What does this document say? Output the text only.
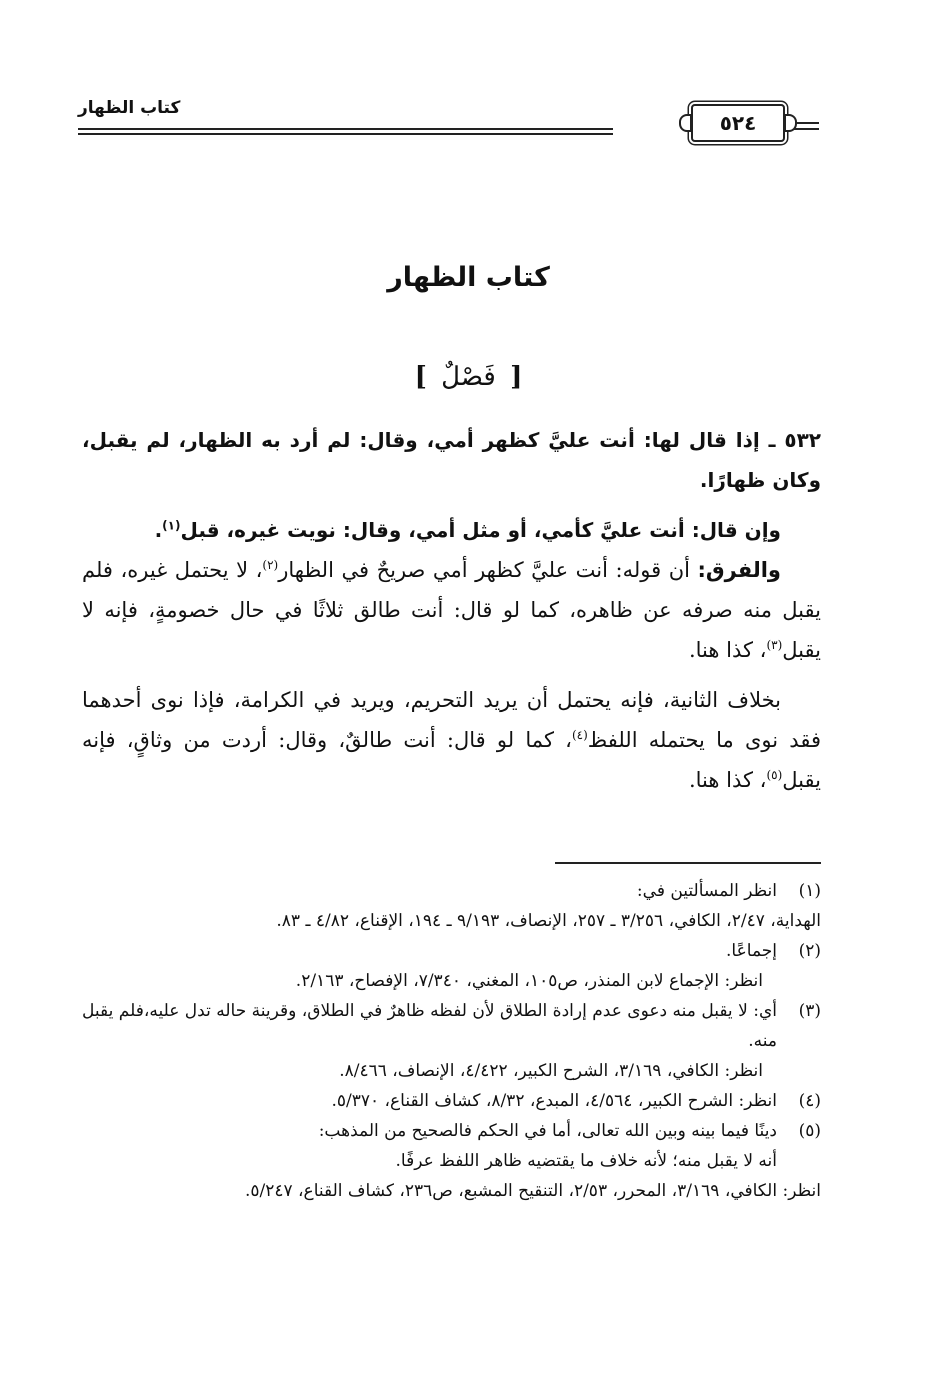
كتاب الظهار
٥٢٤
كتاب الظهار
[ فَصْلٌ ]

٥٣٢ ـ إذا قال لها: أنت عليَّ كظهر أمي، وقال: لم أرد به الظهار، لم يقبل، وكان ظهارًا.

وإن قال: أنت عليَّ كأمي، أو مثل أمي، وقال: نويت غيره، قبل$^{(١)}$.

والفرق: أن قوله: أنت عليَّ كظهر أمي صريحٌ في الظهار$^{(٢)}$، لا يحتمل غيره، فلم يقبل منه صرفه عن ظاهره، كما لو قال: أنت طالق ثلاثًا في حال خصومةٍ، فإنه لا يقبل$^{(٣)}$، كذا هنا.

بخلاف الثانية، فإنه يحتمل أن يريد التحريم، ويريد في الكرامة، فإذا نوى أحدهما فقد نوى ما يحتمله اللفظ$^{(٤)}$، كما لو قال: أنت طالقٌ، وقال: أردت من وثاقٍ، فإنه يقبل$^{(٥)}$، كذا هنا.

(١)
انظر المسألتين في:
الهداية، ٢/٤٧، الكافي، ٣/٢٥٦ ـ ٢٥٧، الإنصاف، ٩/١٩٣ ـ ١٩٤، الإقناع، ٤/٨٢ ـ ٨٣.
(٢)
إجماعًا.
انظر: الإجماع لابن المنذر، ص١٠٥، المغني، ٧/٣٤٠، الإفصاح، ٢/١٦٣.
(٣)
أي: لا يقبل منه دعوى عدم إرادة الطلاق لأن لفظه ظاهرٌ في الطلاق، وقرينة حاله تدل عليه،فلم يقبل منه.
انظر: الكافي، ٣/١٦٩، الشرح الكبير، ٤/٤٢٢، الإنصاف، ٨/٤٦٦.
(٤)
انظر: الشرح الكبير، ٤/٥٦٤، المبدع، ٨/٣٢، كشاف القناع، ٥/٣٧٠.
(٥)
دينًا فيما بينه وبين الله تعالى، أما في الحكم فالصحيح من المذهب:
أنه لا يقبل منه؛ لأنه خلاف ما يقتضيه ظاهر اللفظ عرفًا.
انظر: الكافي، ٣/١٦٩، المحرر، ٢/٥٣، التنقيح المشبع، ص٢٣٦، كشاف القناع، ٥/٢٤٧.
